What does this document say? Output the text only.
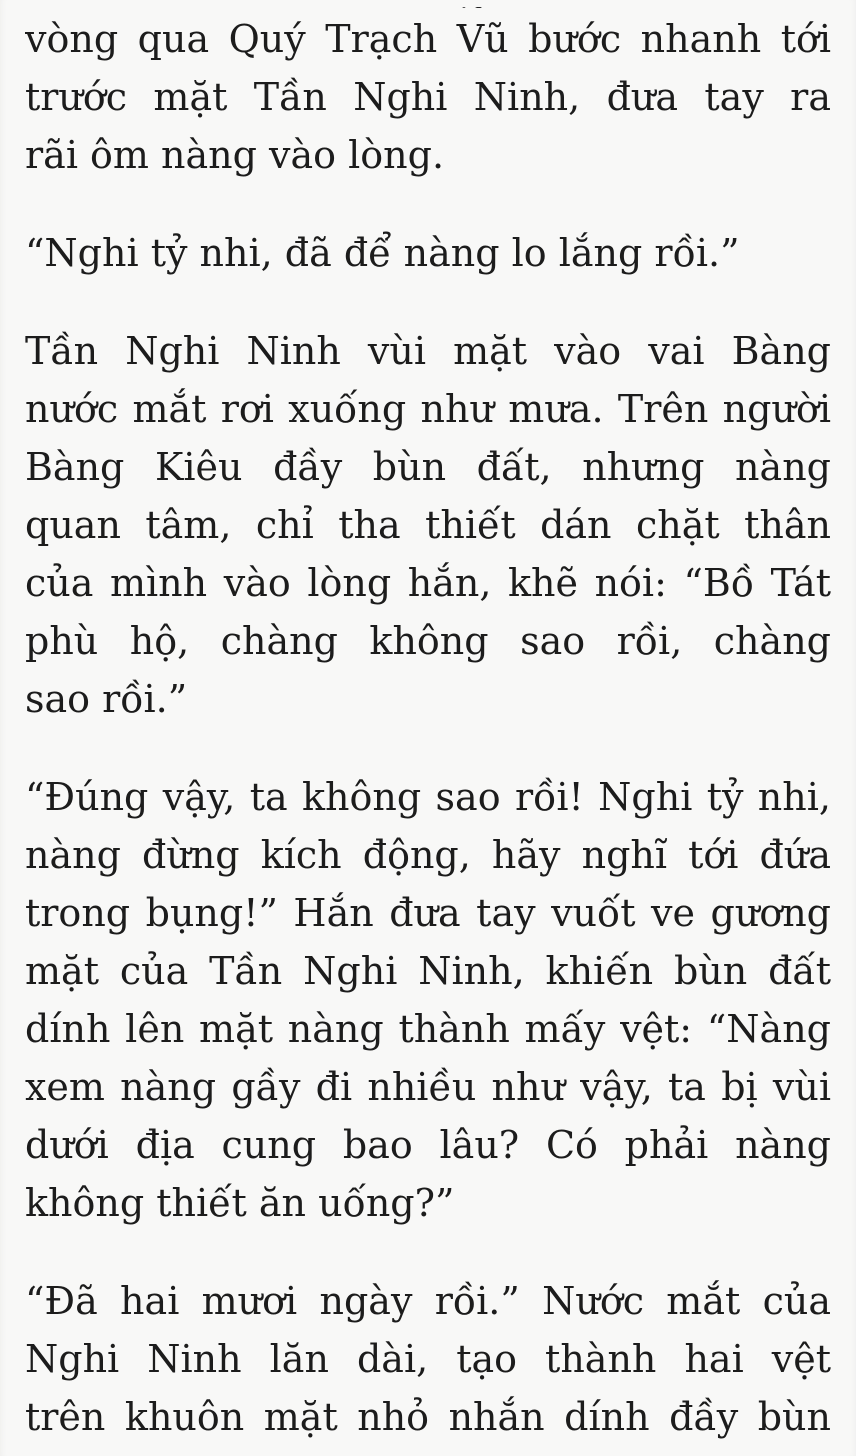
vòng qua Quý Trạch Vũ bước nhanh tới

trước mặt Tần Nghi Ninh, đưa tay ra

rãi ôm nàng vào lòng.

“Nghi tỷ nhi, đã để nàng lo lắng rồi.”

Tần Nghi Ninh vùi mặt vào vai Bàng

nước mắt rơi xuống như mưa. Trên người

Bàng Kiêu đầy bùn đất, nhưng nàng

quan tâm, chỉ tha thiết dán chặt thân

của mình vào lòng hắn, khẽ nói: “Bồ Tát

phù hộ, chàng không sao rồi, chàng

sao rồi.”

“Đúng vậy, ta không sao rồi! Nghi tỷ nhi,

nàng đừng kích động, hãy nghĩ tới đứa

trong bụng!” Hắn đưa tay vuốt ve gương

mặt của Tần Nghi Ninh, khiến bùn đất

dính lên mặt nàng thành mấy vệt: “Nàng

xem nàng gầy đi nhiều như vậy, ta bị vùi

dưới địa cung bao lâu? Có phải nàng

không thiết ăn uống?”

“Đã hai mươi ngày rồi.” Nước mắt của

Nghi Ninh lăn dài, tạo thành hai vệt

trên khuôn mặt nhỏ nhắn dính đầy bùn
